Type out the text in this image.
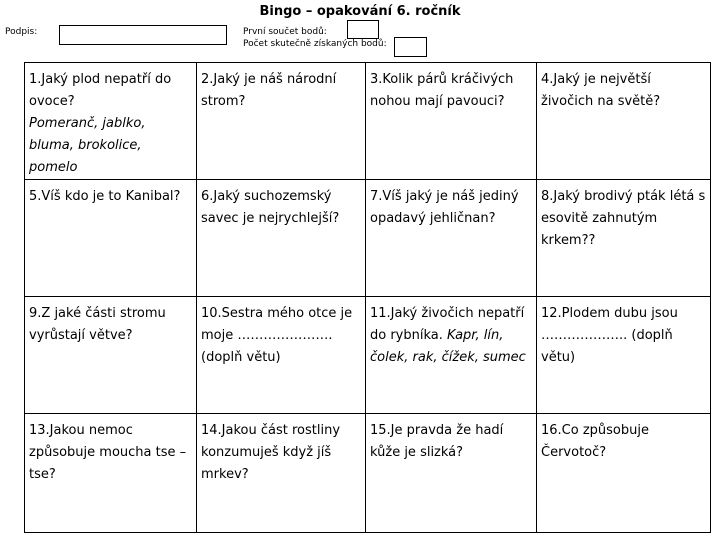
Bingo – opakování 6. ročník
Podpis:	První součet bodů:
Počet skutečně získaných bodů:
1.Jaký plod nepatří do ovoce?
Pomeranč, jablko, bluma, brokolice, pomelo	2.Jaký je náš národní strom?	3.Kolik párů kráčivých nohou mají pavouci?	4.Jaký je největší živočich na světě?
5.Víš kdo je to Kanibal?	6.Jaký suchozemský savec je nejrychlejší?	7.Víš jaký je náš jediný opadavý jehličnan?	8.Jaký brodivý pták létá s esovitě zahnutým krkem??
9.Z jaké části stromu vyrůstají větve?	10.Sestra mého otce je moje …………………. (doplň větu)	11.Jaký živočich nepatří do rybníka. Kapr, lín, čolek, rak, čížek, sumec	12.Plodem dubu jsou ……………….. (doplň větu)
13.Jakou nemoc způsobuje moucha tse – tse?	14.Jakou část rostliny konzumuješ když jíš mrkev?	15.Je pravda že hadí kůže je slizká?	16.Co způsobuje Červotoč?
